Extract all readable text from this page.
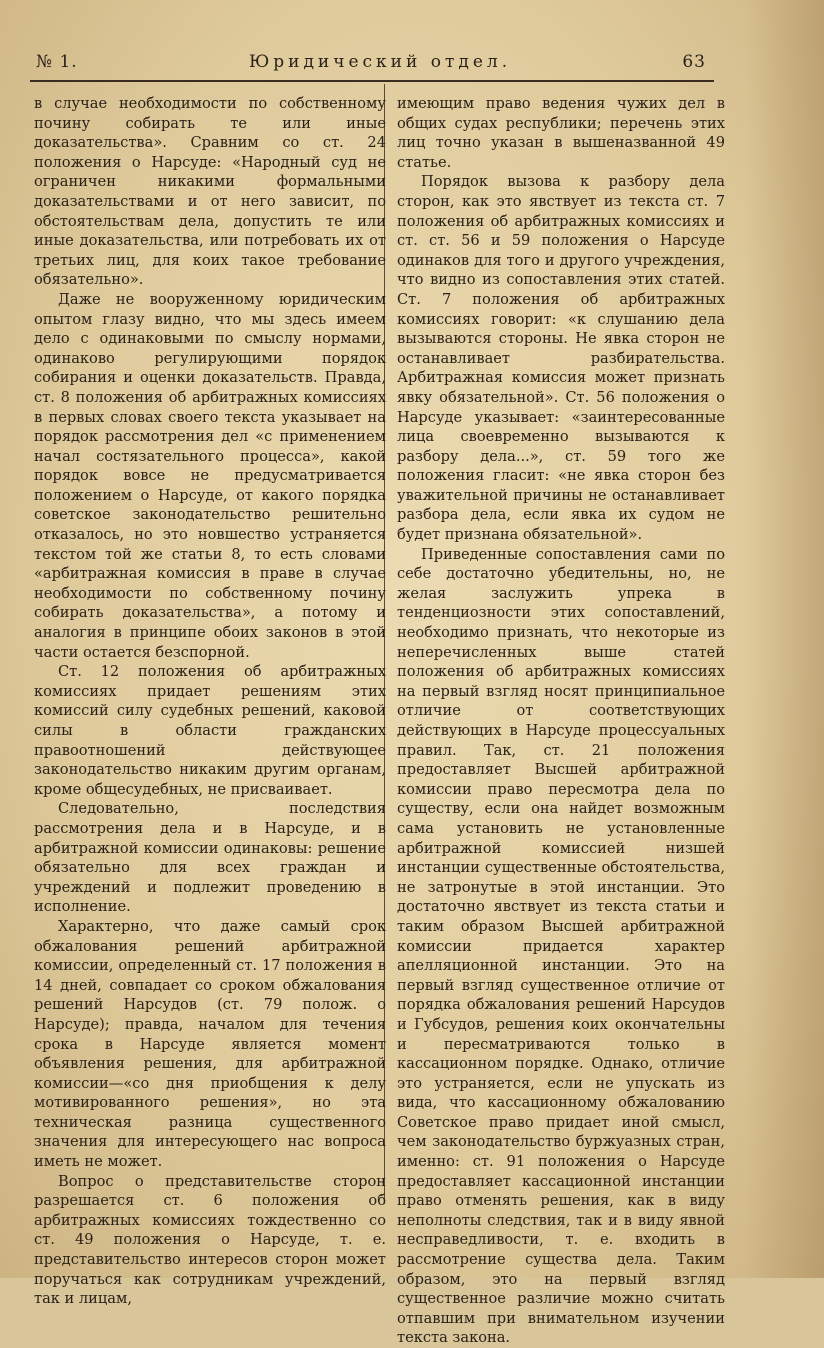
№ 1.	Юридический отдел.	63

в случае необходимости по собственному почину собирать те или иные доказательства». Сравним со ст. 24 положения о Нарсуде: «Народный суд не ограничен никакими формальными доказательствами и от него зависит, по обстоятельствам дела, допустить те или иные доказательства, или потребовать их от третьих лиц, для коих такое требование обязательно».

Даже не вооруженному юридическим опытом глазу видно, что мы здесь имеем дело с одинаковыми по смыслу нормами, одинаково регулирующими порядок собирания и оценки доказательств. Правда, ст. 8 положения об арбитражных комиссиях в первых словах своего текста указывает на порядок рассмотрения дел «с применением начал состязательного процесса», какой порядок вовсе не предусматривается положением о Нарсуде, от какого порядка советское законодательство решительно отказалось, но это новшество устраняется текстом той же статьи 8, то есть словами «арбитражная комиссия в праве в случае необходимости по собственному почину собирать доказательства», а потому и аналогия в принципе обоих законов в этой части остается безспорной.

Ст. 12 положения об арбитражных комиссиях придает решениям этих комиссий силу судебных решений, каковой силы в области гражданских правоотношений действующее законодательство никаким другим органам, кроме общесудебных, не присваивает.

Следовательно, последствия рассмотрения дела и в Нарсуде, и в арбитражной комиссии одинаковы: решение обязательно для всех граждан и учреждений и подлежит проведению в исполнение.

Характерно, что даже самый срок обжалования решений арбитражной комиссии, определенный ст. 17 положения в 14 дней, совпадает со сроком обжалования решений Нарсудов (ст. 79 полож. о Нарсуде); правда, началом для течения срока в Нарсуде является момент объявления решения, для арбитражной комиссии—«со дня приобщения к делу мотивированного решения», но эта техническая разница существенного значения для интересующего нас вопроса иметь не может.

Вопрос о представительстве сторон разрешается ст. 6 положения об арбитражных комиссиях тождественно со ст. 49 положения о Нарсуде, т. е. представительство интересов сторон может поручаться как сотрудникам учреждений, так и лицам,

имеющим право ведения чужих дел в общих судах республики; перечень этих лиц точно указан в вышеназванной 49 статье.

Порядок вызова к разбору дела сторон, как это явствует из текста ст. 7 положения об арбитражных комиссиях и ст. ст. 56 и 59 положения о Нарсуде одинаков для того и другого учреждения, что видно из сопоставления этих статей. Ст. 7 положения об арбитражных комиссиях говорит: «к слушанию дела вызываются стороны. Не явка сторон не останавливает разбирательства. Арбитражная комиссия может признать явку обязательной». Ст. 56 положения о Нарсуде указывает: «заинтересованные лица своевременно вызываются к разбору дела...», ст. 59 того же положения гласит: «не явка сторон без уважительной причины не останавливает разбора дела, если явка их судом не будет признана обязательной».

Приведенные сопоставления сами по себе достаточно убедительны, но, не желая заслужить упрека в тенденциозности этих сопоставлений, необходимо признать, что некоторые из неперечисленных выше статей положения об арбитражных комиссиях на первый взгляд носят принципиальное отличие от соответствующих действующих в Нарсуде процессуальных правил. Так, ст. 21 положения предоставляет Высшей арбитражной комиссии право пересмотра дела по существу, если она найдет возможным сама установить не установленные арбитражной комиссией низшей инстанции существенные обстоятельства, не затронутые в этой инстанции. Это достаточно явствует из текста статьи и таким образом Высшей арбитражной комиссии придается характер апелляционной инстанции. Это на первый взгляд существенное отличие от порядка обжалования решений Нарсудов и Губсудов, решения коих окончательны и пересматриваются только в кассационном порядке. Однако, отличие это устраняется, если не упускать из вида, что кассационному обжалованию Советское право придает иной смысл, чем законодательство буржуазных стран, именно: ст. 91 положения о Нарсуде предоставляет кассационной инстанции право отменять решения, как в виду неполноты следствия, так и в виду явной несправедливости, т. е. входить в рассмотрение существа дела. Таким образом, это на первый взгляд существенное различие можно считать отпавшим при внимательном изучении текста закона.
